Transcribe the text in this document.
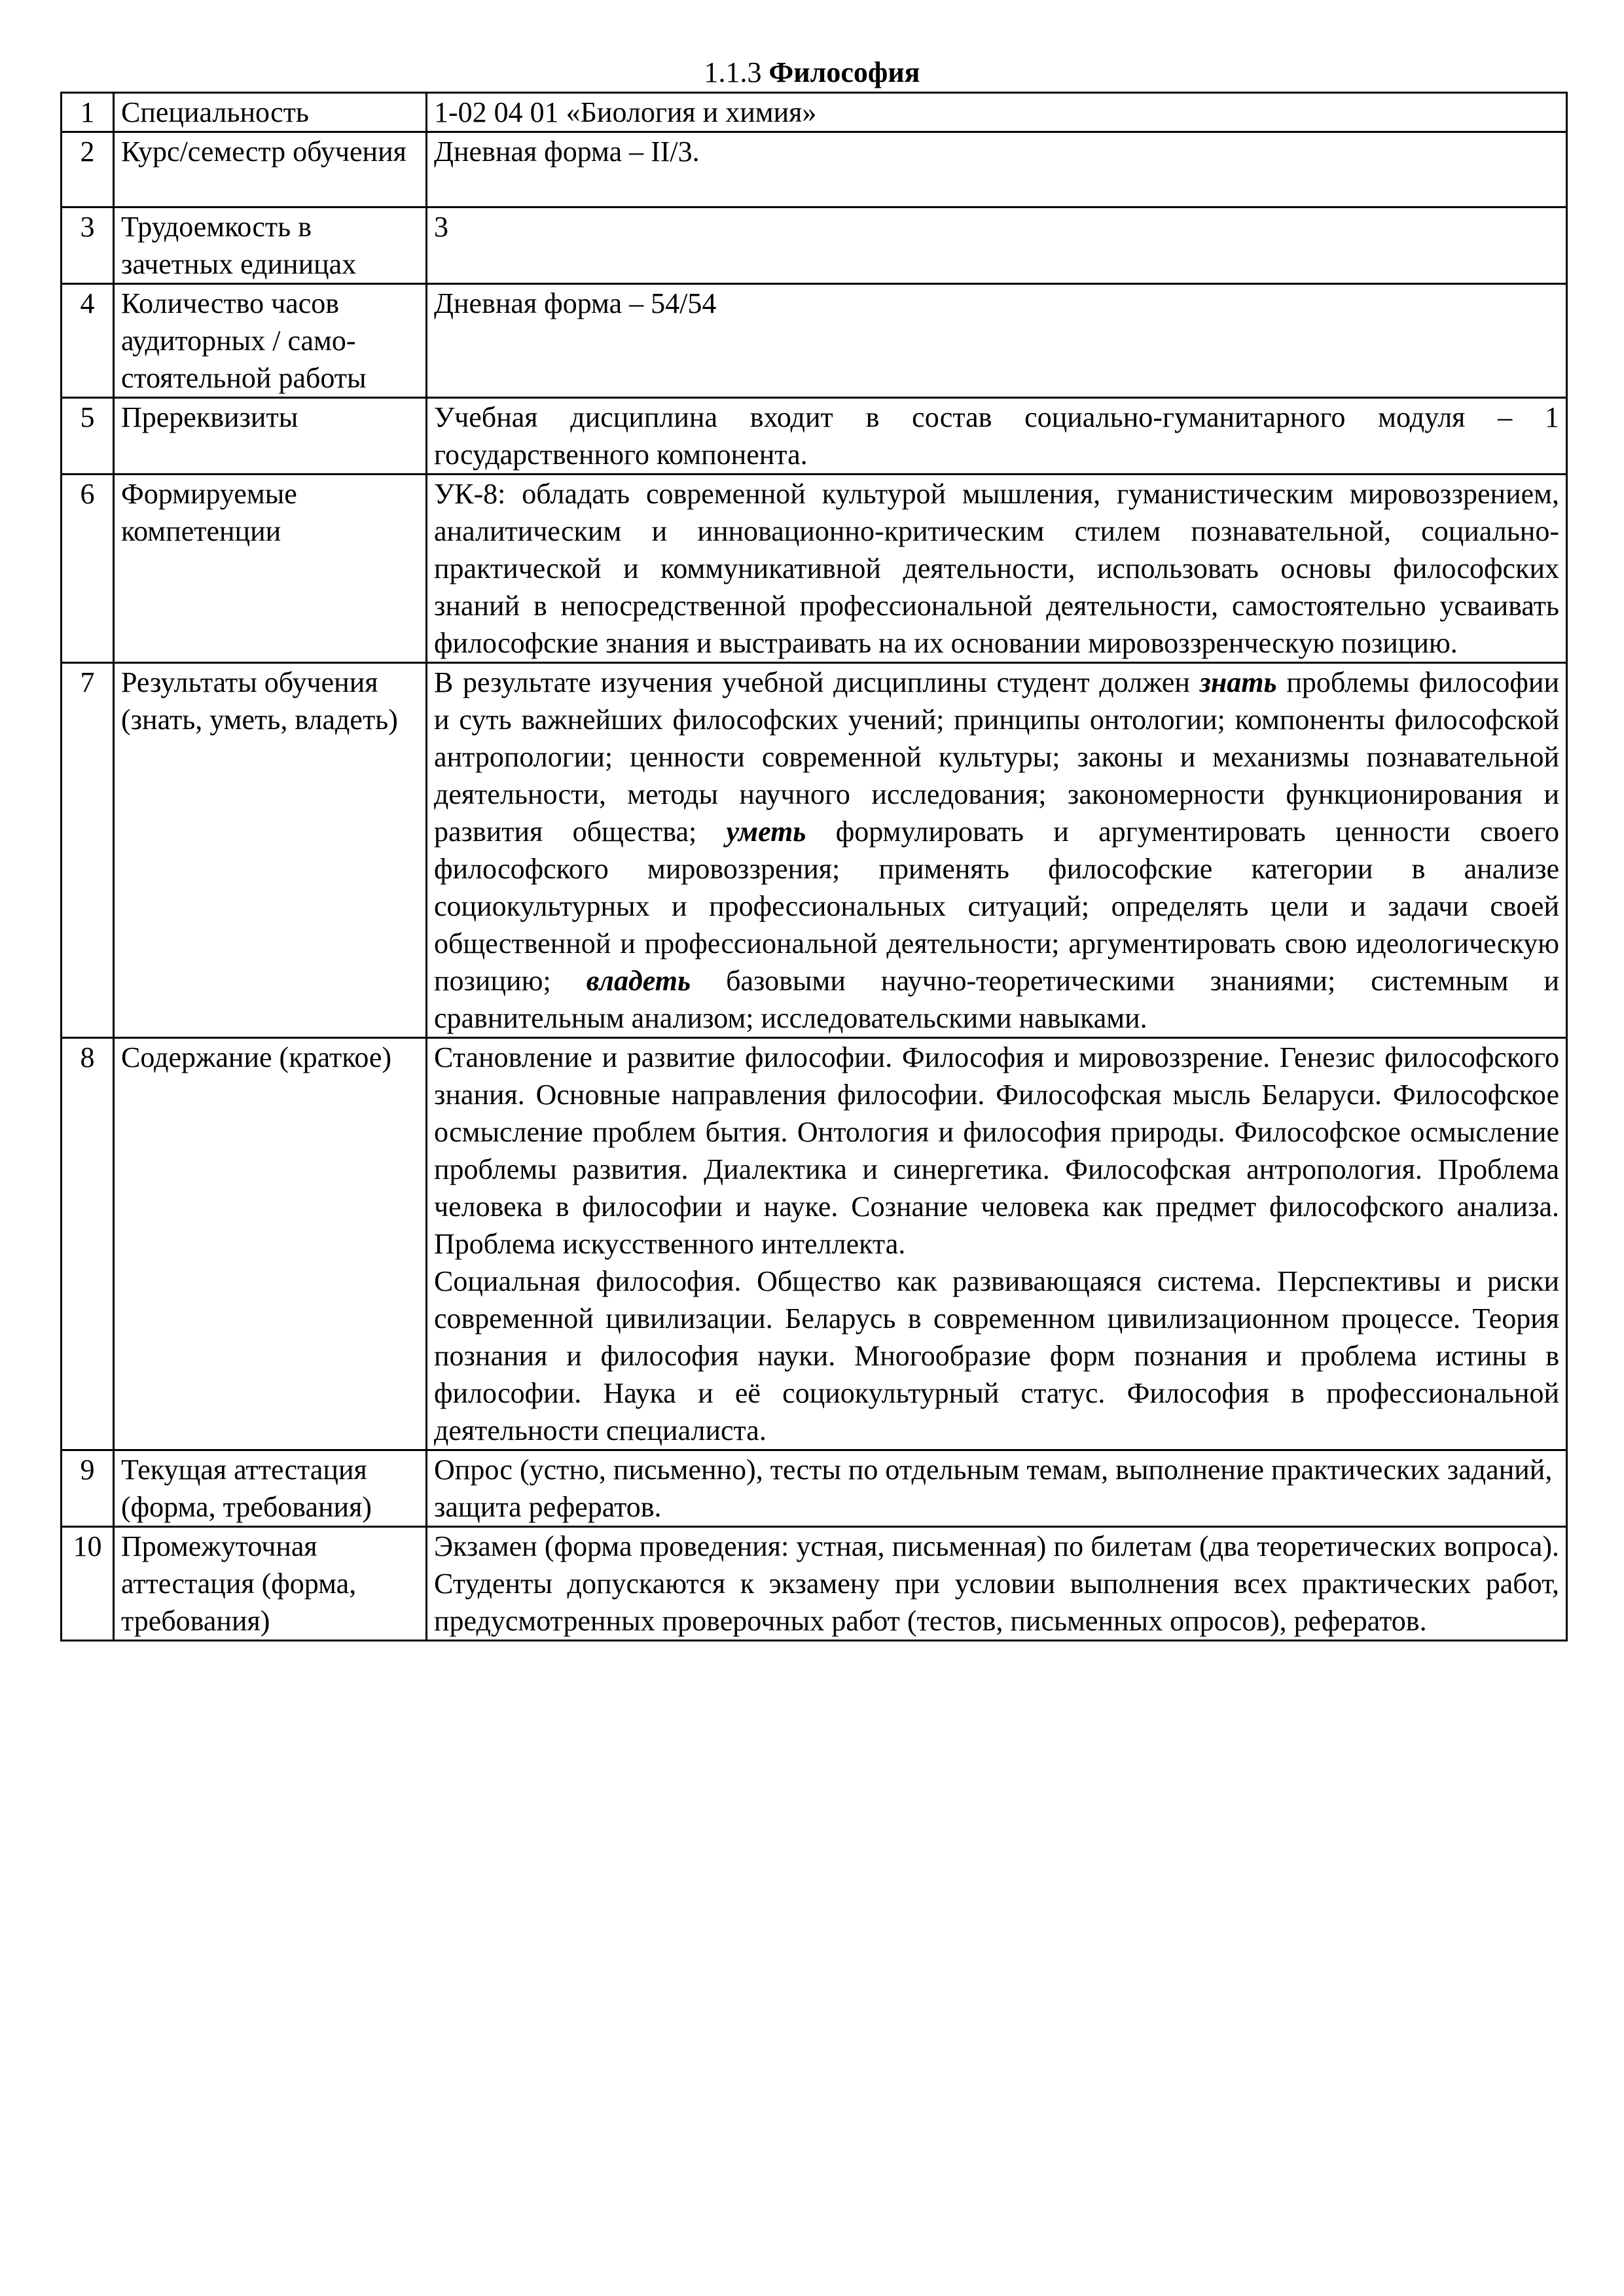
1.1.3 Философия
1	Специальность	1-02 04 01 «Биология и химия»
2	Курс/семестр обучения	Дневная форма – II/3.
3	Трудоемкость в зачетных единицах	3
4	Количество часов аудиторных / само-стоятельной работы	Дневная форма – 54/54
5	Пререквизиты	Учебная дисциплина входит в состав социально-гуманитарного модуля – 1 государственного компонента.
6	Формируемые компетенции	УК-8: обладать современной культурой мышления, гуманистическим мировоззрением, аналитическим и инновационно-критическим стилем познавательной, социально-практической и коммуникативной деятельности, использовать основы философских знаний в непосредственной профессиональной деятельности, самостоятельно усваивать философские знания и выстраивать на их основании мировоззренческую позицию.
7	Результаты обучения (знать, уметь, владеть)	В результате изучения учебной дисциплины студент должен знать проблемы философии и суть важнейших философских учений; принципы онтологии; компоненты философской антропологии; ценности современной культуры; законы и механизмы познавательной деятельности, методы научного исследования; закономерности функционирования и развития общества; уметь формулировать и аргументировать ценности своего философского мировоззрения; применять философские категории в анализе социокультурных и профессиональных ситуаций; определять цели и задачи своей общественной и профессиональной деятельности; аргументировать свою идеологическую позицию; владеть базовыми научно-теоретическими знаниями; системным и сравнительным анализом; исследовательскими навыками.
8	Содержание (краткое)	Становление и развитие философии. Философия и мировоззрение. Генезис философского знания. Основные направления философии. Философская мысль Беларуси. Философское осмысление проблем бытия. Онтология и философия природы. Философское осмысление проблемы развития. Диалектика и синергетика. Философская антропология. Проблема человека в философии и науке. Сознание человека как предмет философского анализа. Проблема искусственного интеллекта.
Социальная философия. Общество как развивающаяся система. Перспективы и риски современной цивилизации. Беларусь в современном цивилизационном процессе. Теория познания и философия науки. Многообразие форм познания и проблема истины в философии. Наука и её социокультурный статус. Философия в профессиональной деятельности специалиста.

9	Текущая аттестация (форма, требования)	Опрос (устно, письменно), тесты по отдельным темам, выполнение практических заданий, защита рефератов.
10	Промежуточная аттестация (форма, требования)	Экзамен (форма проведения: устная, письменная) по билетам (два теоретических вопроса). Студенты допускаются к экзамену при условии выполнения всех практических работ, предусмотренных проверочных работ (тестов, письменных опросов), рефератов.
